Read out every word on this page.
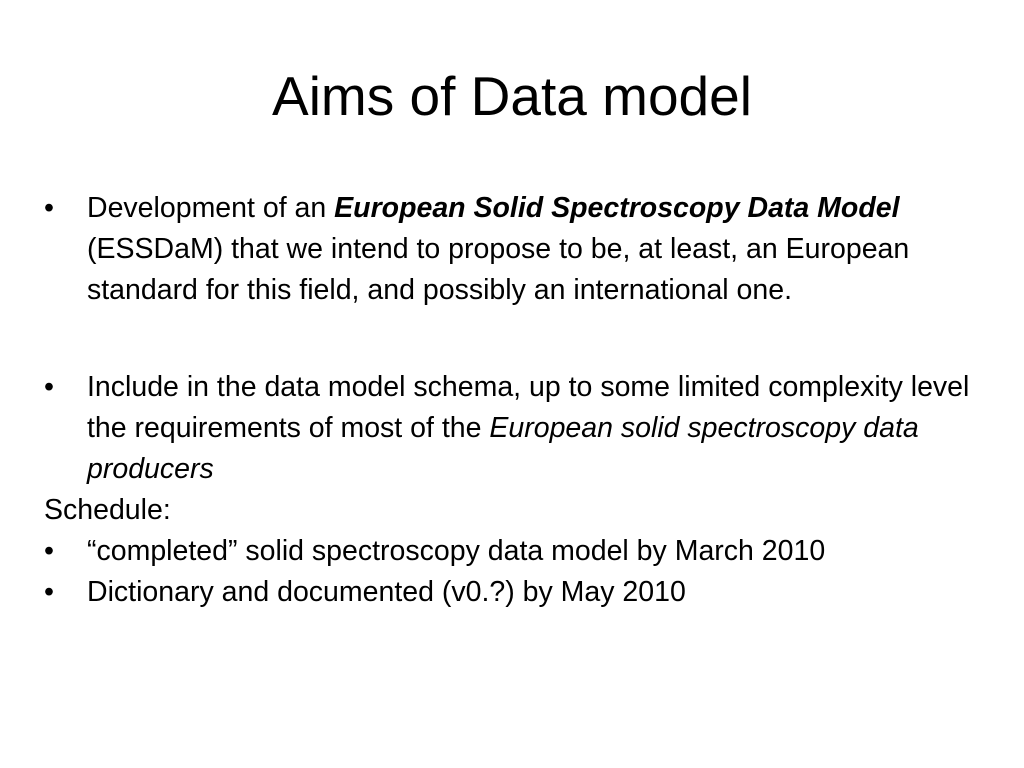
Aims of Data model

• Development of an European Solid Spectroscopy Data Model (ESSDaM) that we intend to propose to be, at least, an European standard for this field, and possibly an international one.

• Include in the data model schema, up to some limited complexity level the requirements of most of the European solid spectroscopy data producers

Schedule:

• “completed” solid spectroscopy data model by March 2010

• Dictionary and documented (v0.?) by May 2010
